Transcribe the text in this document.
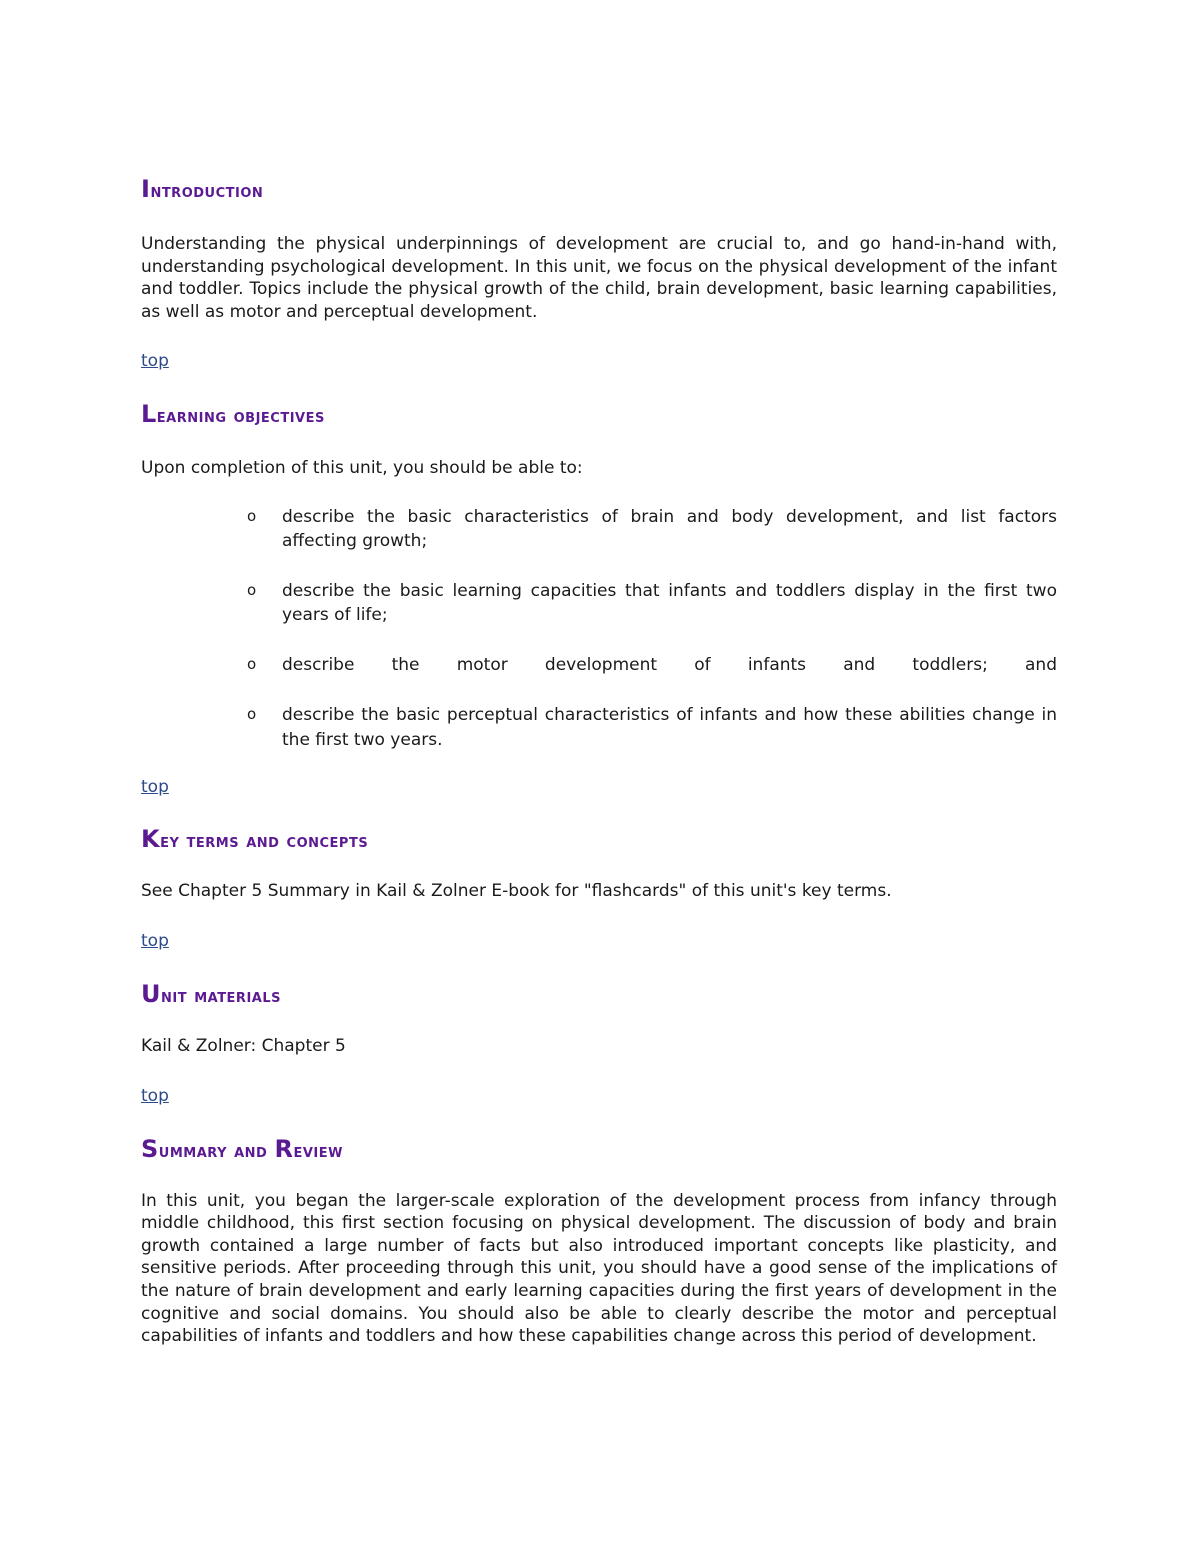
Introduction

Understanding the physical underpinnings of development are crucial to, and go hand-in-hand with, understanding psychological development. In this unit, we focus on the physical development of the infant and toddler. Topics include the physical growth of the child, brain development, basic learning capabilities, as well as motor and perceptual development.

top
Learning objectives

Upon completion of this unit, you should be able to:

o describe the basic characteristics of brain and body development, and list factors affecting growth;

o describe the basic learning capacities that infants and toddlers display in the first two years of life;

o describe the motor development of infants and toddlers; and

o describe the basic perceptual characteristics of infants and how these abilities change in the first two years.

top
Key terms and concepts

See Chapter 5 Summary in Kail & Zolner E-book for "flashcards" of this unit's key terms.

top
Unit materials

Kail & Zolner: Chapter 5

top
Summary and Review

In this unit, you began the larger-scale exploration of the development process from infancy through middle childhood, this first section focusing on physical development. The discussion of body and brain growth contained a large number of facts but also introduced important concepts like plasticity, and sensitive periods. After proceeding through this unit, you should have a good sense of the implications of the nature of brain development and early learning capacities during the first years of development in the cognitive and social domains. You should also be able to clearly describe the motor and perceptual capabilities of infants and toddlers and how these capabilities change across this period of development.
